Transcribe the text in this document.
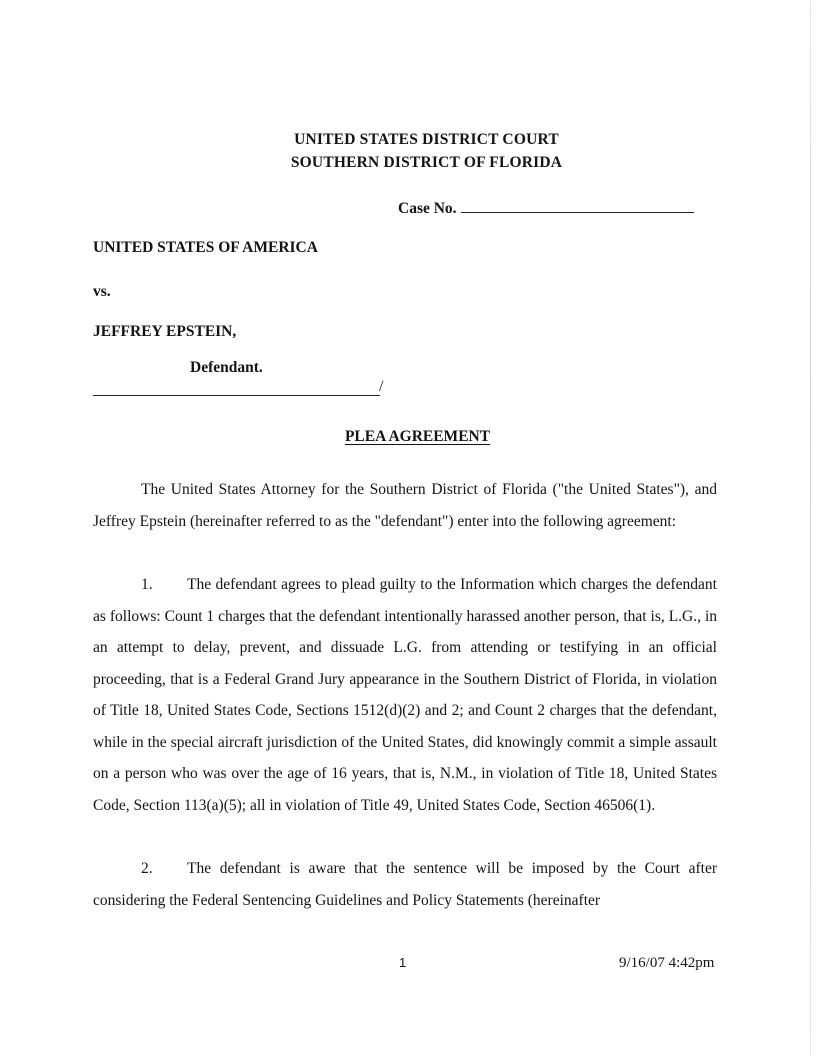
UNITED STATES DISTRICT COURT
SOUTHERN DISTRICT OF FLORIDA
Case No.
UNITED STATES OF AMERICA
vs.
JEFFREY EPSTEIN,
Defendant.
/
PLEA AGREEMENT

The United States Attorney for the Southern District of Florida ("the United States"), and Jeffrey Epstein (hereinafter referred to as the "defendant") enter into the following agreement:

1. The defendant agrees to plead guilty to the Information which charges the defendant as follows: Count 1 charges that the defendant intentionally harassed another person, that is, L.G., in an attempt to delay, prevent, and dissuade L.G. from attending or testifying in an official proceeding, that is a Federal Grand Jury appearance in the Southern District of Florida, in violation of Title 18, United States Code, Sections 1512(d)(2) and 2; and Count 2 charges that the defendant, while in the special aircraft jurisdiction of the United States, did knowingly commit a simple assault on a person who was over the age of 16 years, that is, N.M., in violation of Title 18, United States Code, Section 113(a)(5); all in violation of Title 49, United States Code, Section 46506(1).

2. The defendant is aware that the sentence will be imposed by the Court after considering the Federal Sentencing Guidelines and Policy Statements (hereinafter

1	9/16/07 4:42pm
